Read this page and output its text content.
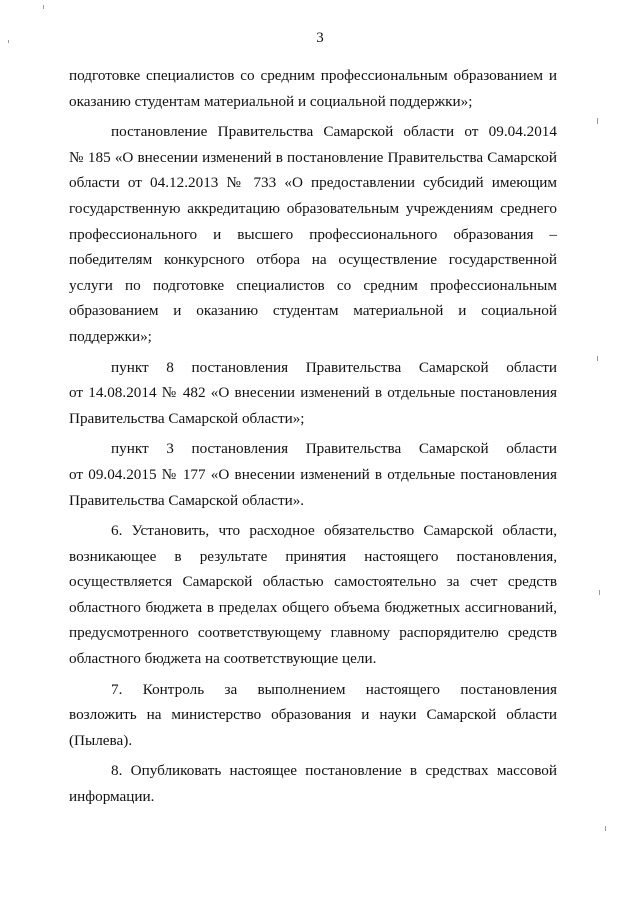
3
подготовке специалистов со средним профессиональным образованием и
оказанию студентам материальной и социальной поддержки»;
постановление Правительства Самарской области от 09.04.2014
№ 185 «О внесении изменений в постановление Правительства Самарской
области от 04.12.2013 № 733 «О предоставлении субсидий имеющим
государственную аккредитацию образовательным учреждениям среднего
профессионального и высшего профессионального образования –
победителям конкурсного отбора на осуществление государственной
услуги по подготовке специалистов со средним профессиональным
образованием и оказанию студентам материальной и социальной
поддержки»;
пункт 8 постановления Правительства Самарской области
от 14.08.2014 № 482 «О внесении изменений в отдельные постановления
Правительства Самарской области»;
пункт 3 постановления Правительства Самарской области
от 09.04.2015 № 177 «О внесении изменений в отдельные постановления
Правительства Самарской области».
6. Установить, что расходное обязательство Самарской области,
возникающее в результате принятия настоящего постановления,
осуществляется Самарской областью самостоятельно за счет средств
областного бюджета в пределах общего объема бюджетных ассигнований,
предусмотренного соответствующему главному распорядителю средств
областного бюджета на соответствующие цели.
7. Контроль за выполнением настоящего постановления
возложить на министерство образования и науки Самарской области
(Пылева).
8. Опубликовать настоящее постановление в средствах массовой
информации.
